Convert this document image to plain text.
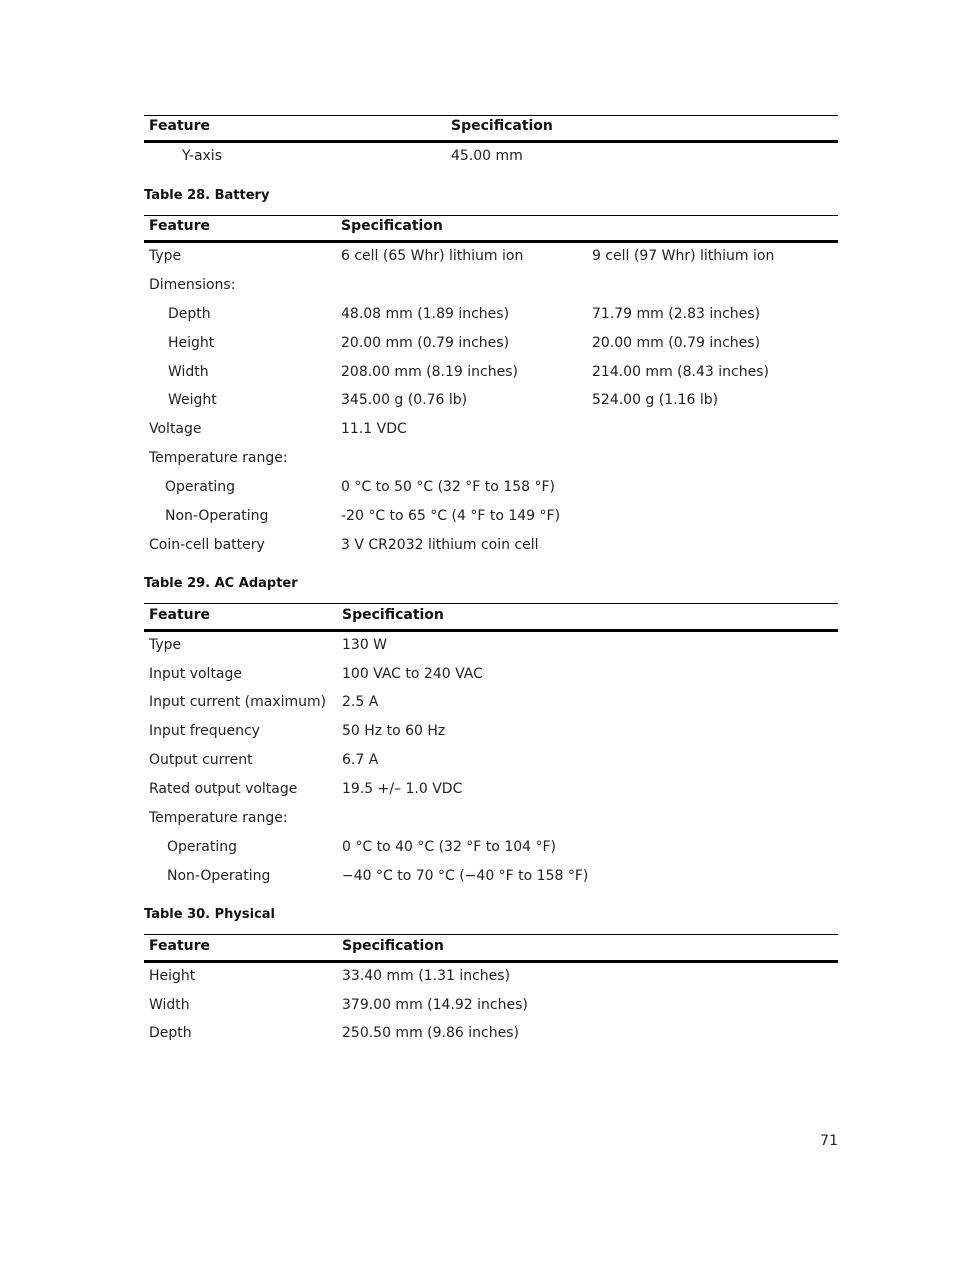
Feature	Specification
Y-axis	45.00 mm
Table 28. Battery
Feature	Specification
Type	6 cell (65 Whr) lithium ion	9 cell (97 Whr) lithium ion
Dimensions:
Depth	48.08 mm (1.89 inches)	71.79 mm (2.83 inches)
Height	20.00 mm (0.79 inches)	20.00 mm (0.79 inches)
Width	208.00 mm (8.19 inches)	214.00 mm (8.43 inches)
Weight	345.00 g (0.76 lb)	524.00 g (1.16 lb)
Voltage	11.1 VDC
Temperature range:
Operating	0 °C to 50 °C (32 °F to 158 °F)
Non-Operating	-20 °C to 65 °C (4 °F to 149 °F)
Coin-cell battery	3 V CR2032 lithium coin cell
Table 29. AC Adapter
Feature	Specification
Type	130 W
Input voltage	100 VAC to 240 VAC
Input current (maximum) 2.5 A
Input frequency	50 Hz to 60 Hz
Output current	6.7 A
Rated output voltage	19.5 +/– 1.0 VDC
Temperature range:
Operating	0 °C to 40 °C (32 °F to 104 °F)
Non-Operating	−40 °C to 70 °C (−40 °F to 158 °F)
Table 30. Physical
Feature	Specification
Height	33.40 mm (1.31 inches)
Width	379.00 mm (14.92 inches)
Depth	250.50 mm (9.86 inches)
71
